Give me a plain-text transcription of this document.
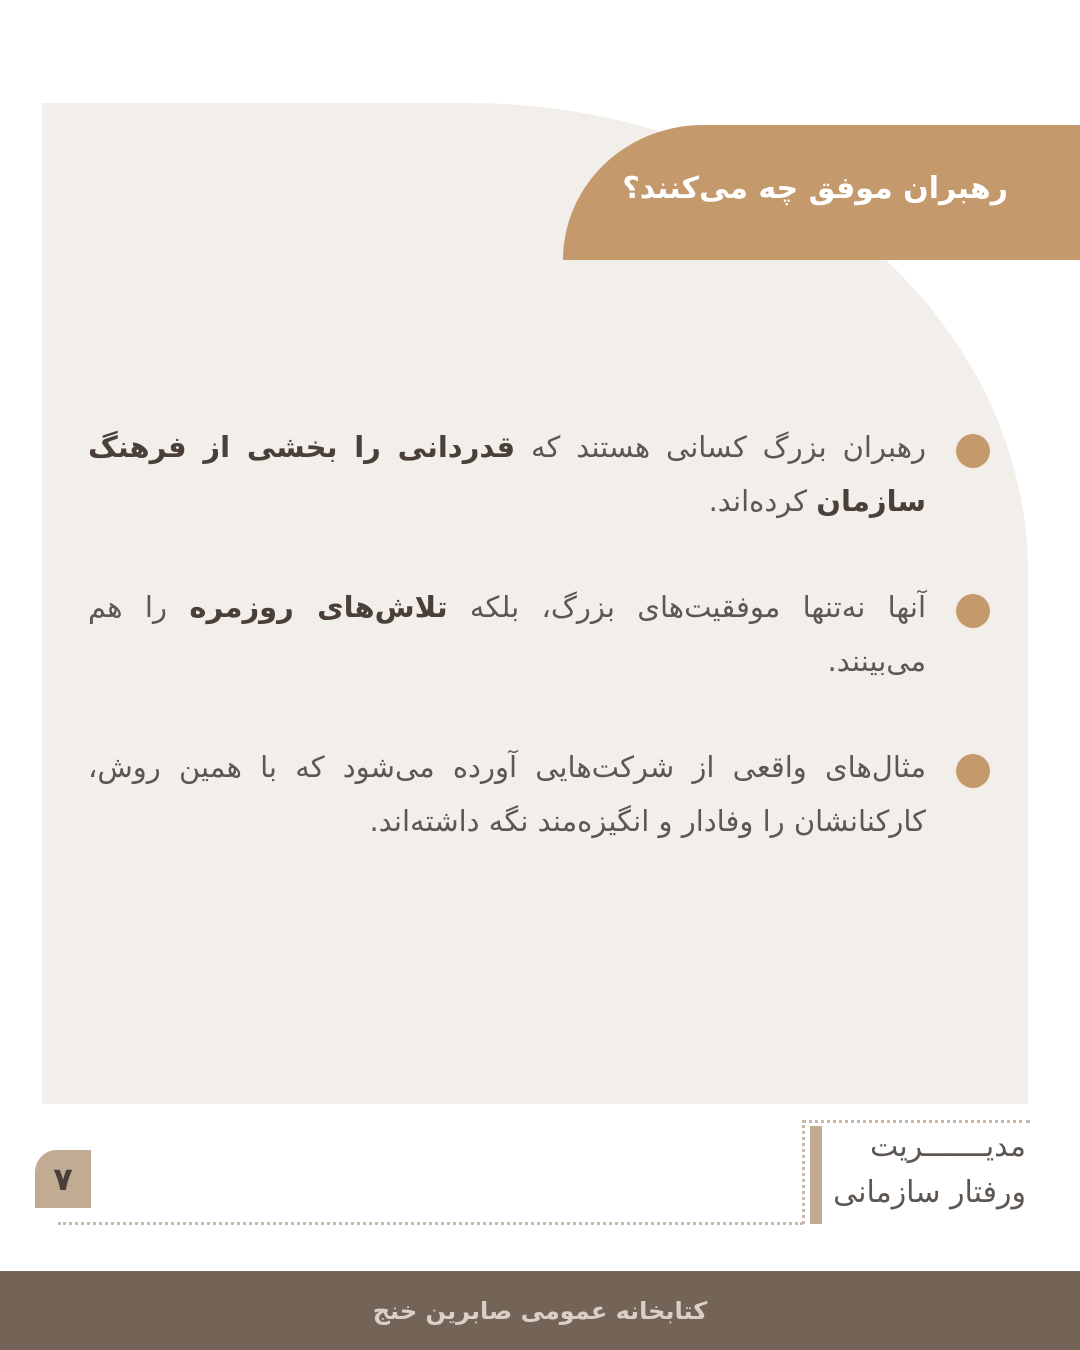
رهبران موفق چه می‌کنند؟

رهبران بزرگ کسانی هستند که قدردانی را بخشی از فرهنگ سازمان کرده‌اند.

آنها نه‌تنها موفقیت‌های بزرگ، بلکه تلاش‌های روزمره را هم می‌بینند.

مثال‌های واقعی از شرکت‌هایی آورده می‌شود که با همین روش، کارکنانشان را وفادار و انگیزه‌مند نگه داشته‌اند.

۷
مدیـــــــریت
ورفتار سازمانی
کتابخانه عمومی صابرین خنج
